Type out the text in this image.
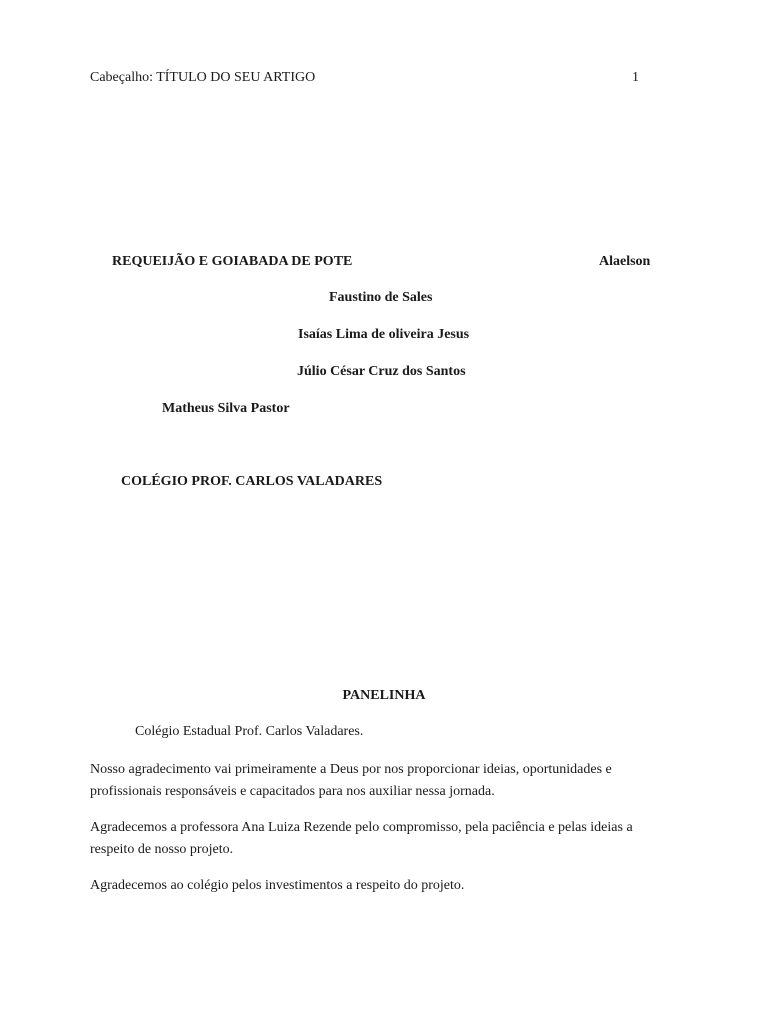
Cabeçalho: TÍTULO DO SEU ARTIGO	1
REQUEIJÃO E GOIABADA DE POTE	Alaelson
Faustino de Sales
Isaías Lima de oliveira Jesus
Júlio César Cruz dos Santos
Matheus Silva Pastor
COLÉGIO PROF. CARLOS VALADARES
PANELINHA
Colégio Estadual Prof. Carlos Valadares.
Nosso agradecimento vai primeiramente a Deus por nos proporcionar ideias, oportunidades e profissionais responsáveis e capacitados para nos auxiliar nessa jornada.
Agradecemos a professora Ana Luiza Rezende pelo compromisso, pela paciência e pelas ideias a respeito de nosso projeto.
Agradecemos ao colégio pelos investimentos a respeito do projeto.
